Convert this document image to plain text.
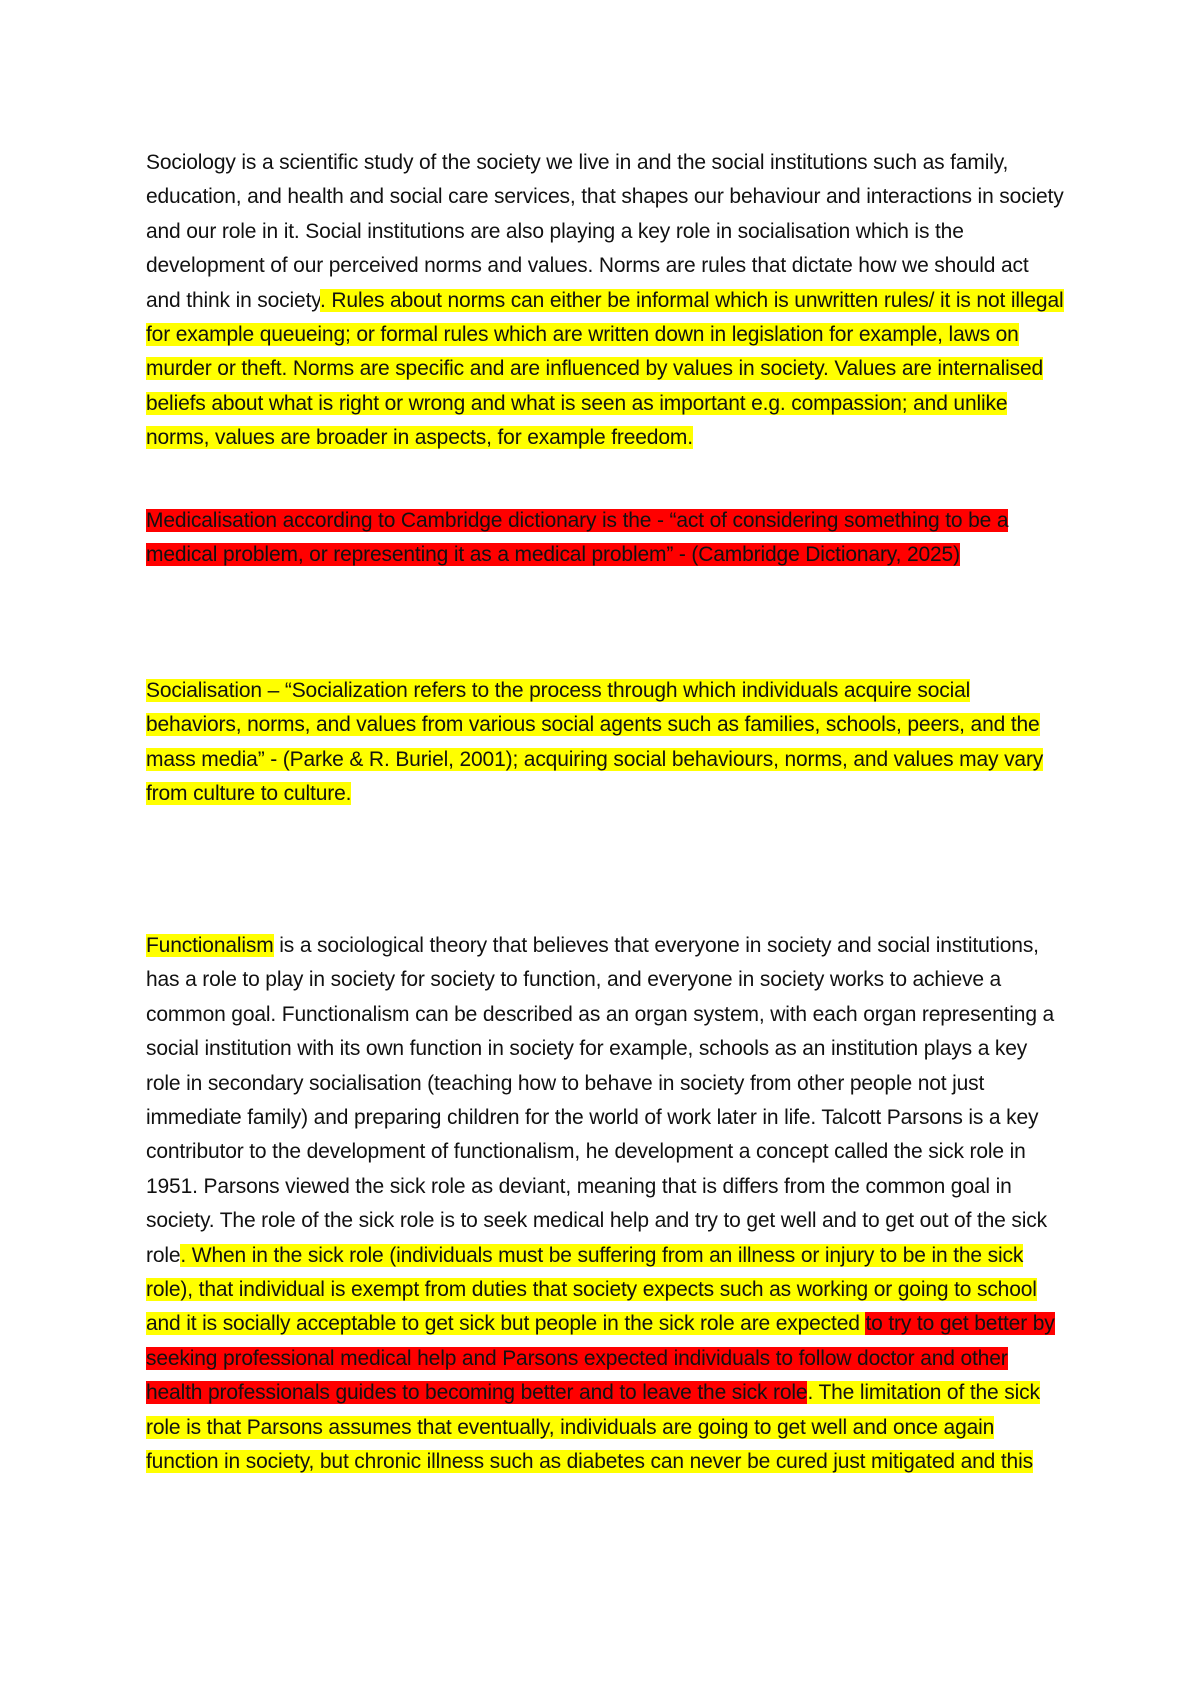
Sociology is a scientific study of the society we live in and the social institutions such as family, education, and health and social care services, that shapes our behaviour and interactions in society and our role in it. Social institutions are also playing a key role in socialisation which is the development of our perceived norms and values. Norms are rules that dictate how we should act and think in society. Rules about norms can either be informal which is unwritten rules/ it is not illegal for example queueing; or formal rules which are written down in legislation for example, laws on murder or theft. Norms are specific and are influenced by values in society. Values are internalised beliefs about what is right or wrong and what is seen as important e.g. compassion; and unlike norms, values are broader in aspects, for example freedom.

Medicalisation according to Cambridge dictionary is the - “act of considering something to be a medical problem, or representing it as a medical problem” - (Cambridge Dictionary, 2025)

Socialisation – “Socialization refers to the process through which individuals acquire social behaviors, norms, and values from various social agents such as families, schools, peers, and the mass media” - (Parke & R. Buriel, 2001); acquiring social behaviours, norms, and values may vary from culture to culture.

Functionalism is a sociological theory that believes that everyone in society and social institutions, has a role to play in society for society to function, and everyone in society works to achieve a common goal. Functionalism can be described as an organ system, with each organ representing a social institution with its own function in society for example, schools as an institution plays a key role in secondary socialisation (teaching how to behave in society from other people not just immediate family) and preparing children for the world of work later in life. Talcott Parsons is a key contributor to the development of functionalism, he development a concept called the sick role in 1951. Parsons viewed the sick role as deviant, meaning that is differs from the common goal in society. The role of the sick role is to seek medical help and try to get well and to get out of the sick role. When in the sick role (individuals must be suffering from an illness or injury to be in the sick role), that individual is exempt from duties that society expects such as working or going to school and it is socially acceptable to get sick but people in the sick role are expected to try to get better by seeking professional medical help and Parsons expected individuals to follow doctor and other health professionals guides to becoming better and to leave the sick role. The limitation of the sick role is that Parsons assumes that eventually, individuals are going to get well and once again function in society, but chronic illness such as diabetes can never be cured just mitigated and this
